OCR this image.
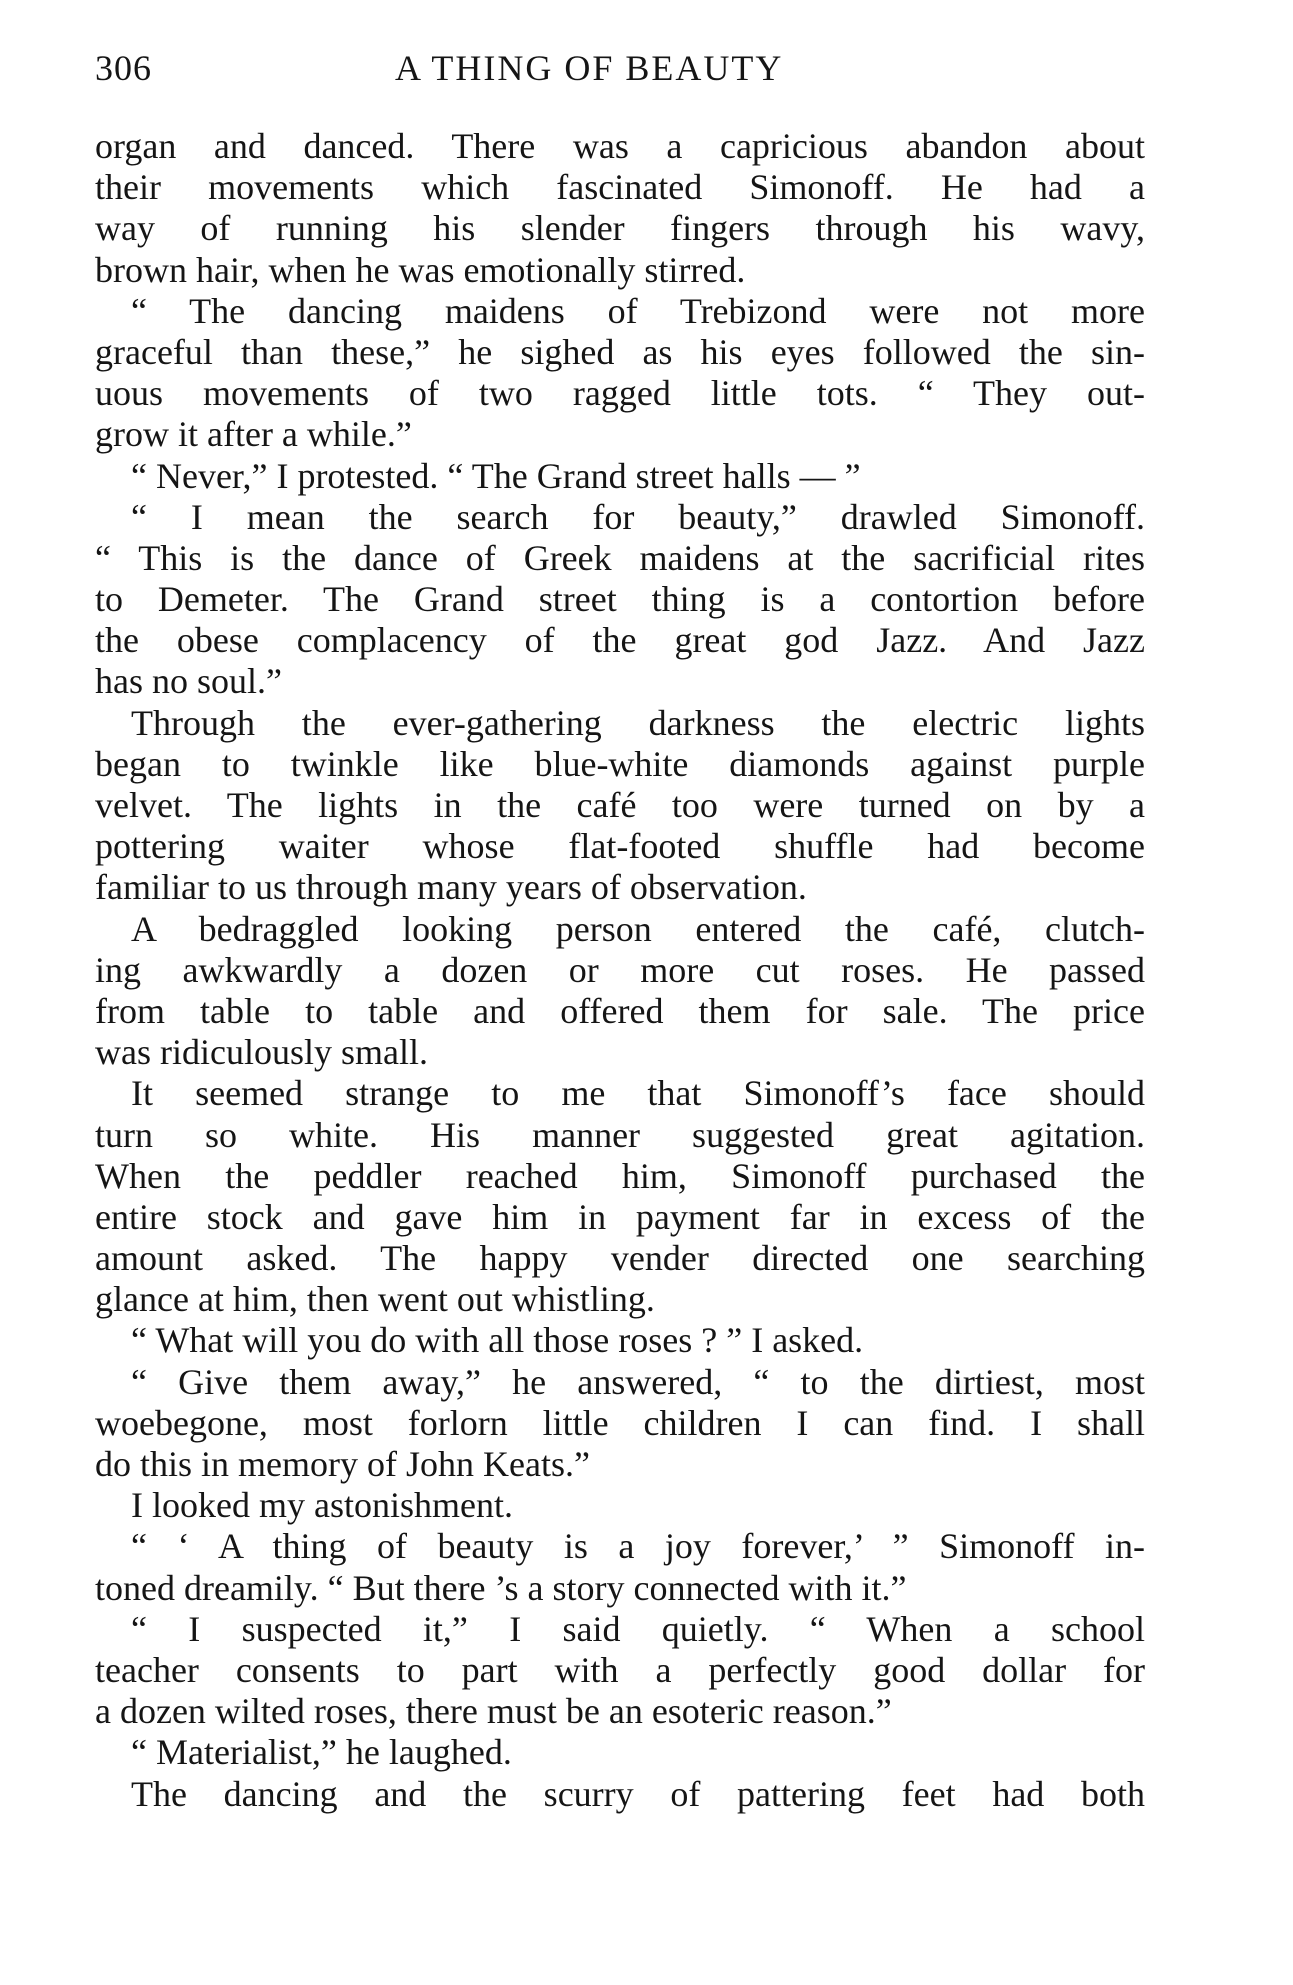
306	A THING OF BEAUTY
organ and danced. There was a capricious abandon about
their movements which fascinated Simonoff. He had a
way of running his slender fingers through his wavy,
brown hair, when he was emotionally stirred.
“ The dancing maidens of Trebizond were not more
graceful than these,” he sighed as his eyes followed the sin-
uous movements of two ragged little tots. “ They out-
grow it after a while.”
“ Never,” I protested. “ The Grand street halls — ”
“ I mean the search for beauty,” drawled Simonoff.
“ This is the dance of Greek maidens at the sacrificial rites
to Demeter. The Grand street thing is a contortion before
the obese complacency of the great god Jazz. And Jazz
has no soul.”
Through the ever-gathering darkness the electric lights
began to twinkle like blue-white diamonds against purple
velvet. The lights in the café too were turned on by a
pottering waiter whose flat-footed shuffle had become
familiar to us through many years of observation.
A bedraggled looking person entered the café, clutch-
ing awkwardly a dozen or more cut roses. He passed
from table to table and offered them for sale. The price
was ridiculously small.
It seemed strange to me that Simonoff’s face should
turn so white. His manner suggested great agitation.
When the peddler reached him, Simonoff purchased the
entire stock and gave him in payment far in excess of the
amount asked. The happy vender directed one searching
glance at him, then went out whistling.
“ What will you do with all those roses ? ” I asked.
“ Give them away,” he answered, “ to the dirtiest, most
woebegone, most forlorn little children I can find. I shall
do this in memory of John Keats.”
I looked my astonishment.
“ ‘ A thing of beauty is a joy forever,’ ” Simonoff in-
toned dreamily. “ But there ’s a story connected with it.”
“ I suspected it,” I said quietly. “ When a school
teacher consents to part with a perfectly good dollar for
a dozen wilted roses, there must be an esoteric reason.”
“ Materialist,” he laughed.
The dancing and the scurry of pattering feet had both
